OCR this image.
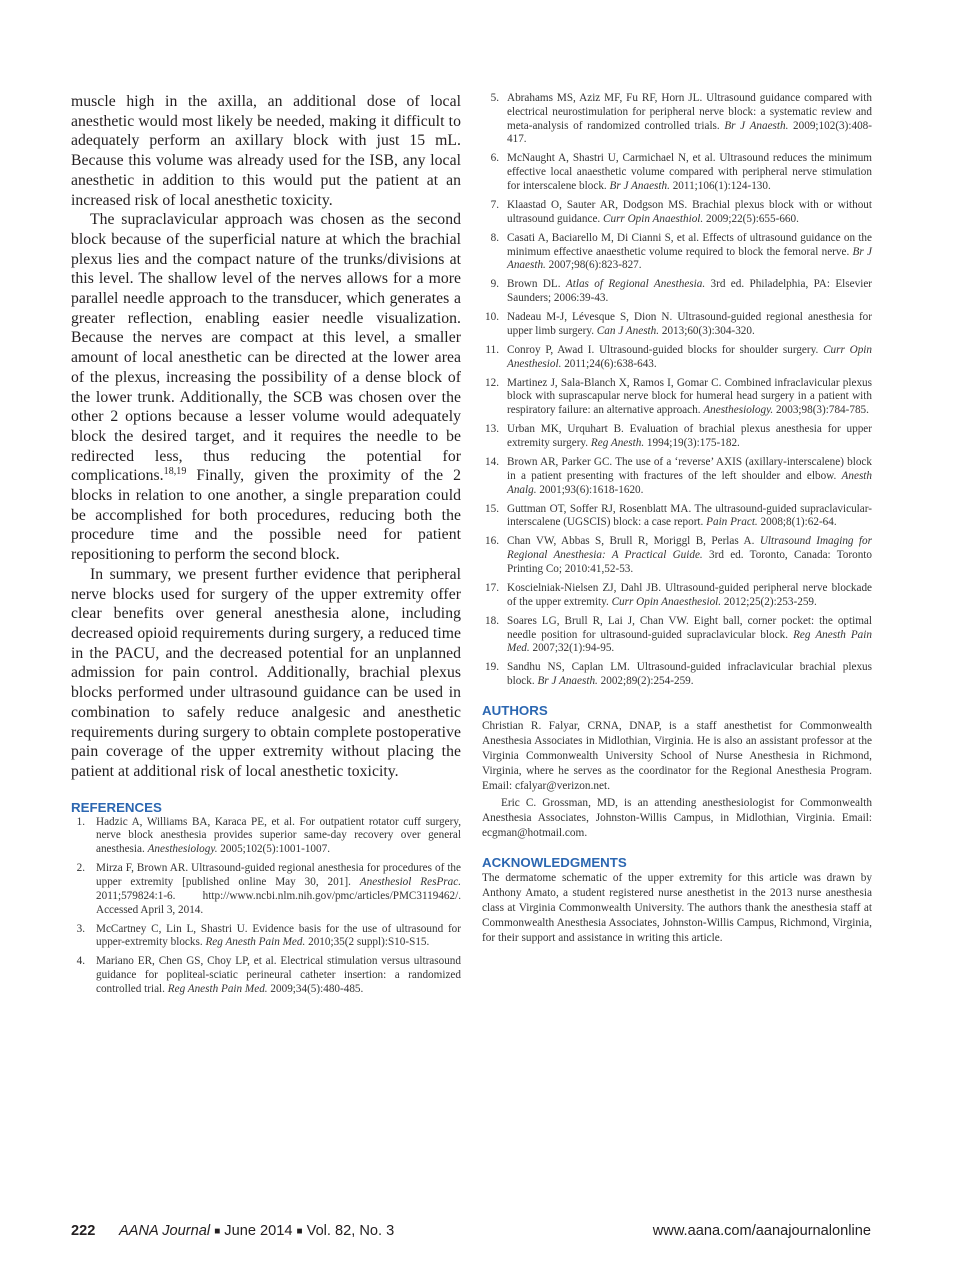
muscle high in the axilla, an additional dose of local anesthetic would most likely be needed, making it difficult to adequately perform an axillary block with just 15 mL. Because this volume was already used for the ISB, any local anesthetic in addition to this would put the patient at an increased risk of local anesthetic toxicity.

The supraclavicular approach was chosen as the second block because of the superficial nature at which the brachial plexus lies and the compact nature of the trunks/divisions at this level. The shallow level of the nerves allows for a more parallel needle approach to the transducer, which generates a greater reflection, enabling easier needle visualization. Because the nerves are compact at this level, a smaller amount of local anesthetic can be directed at the lower area of the plexus, increasing the possibility of a dense block of the lower trunk. Additionally, the SCB was chosen over the other 2 options because a lesser volume would adequately block the desired target, and it requires the needle to be redirected less, thus reducing the potential for complications.$^{18,19}$ Finally, given the proximity of the 2 blocks in relation to one another, a single preparation could be accomplished for both procedures, reducing both the procedure time and the possible need for patient repositioning to perform the second block.

In summary, we present further evidence that peripheral nerve blocks used for surgery of the upper extremity offer clear benefits over general anesthesia alone, including decreased opioid requirements during surgery, a reduced time in the PACU, and the decreased potential for an unplanned admission for pain control. Additionally, brachial plexus blocks performed under ultrasound guidance can be used in combination to safely reduce analgesic and anesthetic requirements during surgery to obtain complete postoperative pain coverage of the upper extremity without placing the patient at additional risk of local anesthetic toxicity.

REFERENCES
1. Hadzic A, Williams BA, Karaca PE, et al. For outpatient rotator cuff surgery, nerve block anesthesia provides superior same-day recovery over general anesthesia. Anesthesiology. 2005;102(5):1001-1007.
2. Mirza F, Brown AR. Ultrasound-guided regional anesthesia for procedures of the upper extremity [published online May 30, 201]. Anesthesiol ResPrac. 2011;579824:1-6. http://www.ncbi.nlm.nih.gov/pmc/articles/PMC3119462/. Accessed April 3, 2014.
3. McCartney C, Lin L, Shastri U. Evidence basis for the use of ultrasound for upper-extremity blocks. Reg Anesth Pain Med. 2010;35(2 suppl):S10-S15.
4. Mariano ER, Chen GS, Choy LP, et al. Electrical stimulation versus ultrasound guidance for popliteal-sciatic perineural catheter insertion: a randomized controlled trial. Reg Anesth Pain Med. 2009;34(5):480-485.
5. Abrahams MS, Aziz MF, Fu RF, Horn JL. Ultrasound guidance compared with electrical neurostimulation for peripheral nerve block: a systematic review and meta-analysis of randomized controlled trials. Br J Anaesth. 2009;102(3):408-417.
6. McNaught A, Shastri U, Carmichael N, et al. Ultrasound reduces the minimum effective local anaesthetic volume compared with peripheral nerve stimulation for interscalene block. Br J Anaesth. 2011;106(1):124-130.
7. Klaastad O, Sauter AR, Dodgson MS. Brachial plexus block with or without ultrasound guidance. Curr Opin Anaesthiol. 2009;22(5):655-660.
8. Casati A, Baciarello M, Di Cianni S, et al. Effects of ultrasound guidance on the minimum effective anaesthetic volume required to block the femoral nerve. Br J Anaesth. 2007;98(6):823-827.
9. Brown DL. Atlas of Regional Anesthesia. 3rd ed. Philadelphia, PA: Elsevier Saunders; 2006:39-43.
10. Nadeau M-J, Lévesque S, Dion N. Ultrasound-guided regional anesthesia for upper limb surgery. Can J Anesth. 2013;60(3):304-320.
11. Conroy P, Awad I. Ultrasound-guided blocks for shoulder surgery. Curr Opin Anesthesiol. 2011;24(6):638-643.
12. Martinez J, Sala-Blanch X, Ramos I, Gomar C. Combined infraclavicular plexus block with suprascapular nerve block for humeral head surgery in a patient with respiratory failure: an alternative approach. Anesthesiology. 2003;98(3):784-785.
13. Urban MK, Urquhart B. Evaluation of brachial plexus anesthesia for upper extremity surgery. Reg Anesth. 1994;19(3):175-182.
14. Brown AR, Parker GC. The use of a ‘reverse’ AXIS (axillary-interscalene) block in a patient presenting with fractures of the left shoulder and elbow. Anesth Analg. 2001;93(6):1618-1620.
15. Guttman OT, Soffer RJ, Rosenblatt MA. The ultrasound-guided supraclavicular-interscalene (UGSCIS) block: a case report. Pain Pract. 2008;8(1):62-64.
16. Chan VW, Abbas S, Brull R, Moriggl B, Perlas A. Ultrasound Imaging for Regional Anesthesia: A Practical Guide. 3rd ed. Toronto, Canada: Toronto Printing Co; 2010:41,52-53.
17. Koscielniak-Nielsen ZJ, Dahl JB. Ultrasound-guided peripheral nerve blockade of the upper extremity. Curr Opin Anaesthesiol. 2012;25(2):253-259.
18. Soares LG, Brull R, Lai J, Chan VW. Eight ball, corner pocket: the optimal needle position for ultrasound-guided supraclavicular block. Reg Anesth Pain Med. 2007;32(1):94-95.
19. Sandhu NS, Caplan LM. Ultrasound-guided infraclavicular brachial plexus block. Br J Anaesth. 2002;89(2):254-259.
AUTHORS

Christian R. Falyar, CRNA, DNAP, is a staff anesthetist for Commonwealth Anesthesia Associates in Midlothian, Virginia. He is also an assistant professor at the Virginia Commonwealth University School of Nurse Anesthesia in Richmond, Virginia, where he serves as the coordinator for the Regional Anesthesia Program. Email: cfalyar@verizon.net.

Eric C. Grossman, MD, is an attending anesthesiologist for Commonwealth Anesthesia Associates, Johnston-Willis Campus, in Midlothian, Virginia. Email: ecgman@hotmail.com.

ACKNOWLEDGMENTS

The dermatome schematic of the upper extremity for this article was drawn by Anthony Amato, a student registered nurse anesthetist in the 2013 nurse anesthesia class at Virginia Commonwealth University. The authors thank the anesthesia staff at Commonwealth Anesthesia Associates, Johnston-Willis Campus, Richmond, Virginia, for their support and assistance in writing this article.

222 AANA Journal ■ June 2014 ■ Vol. 82, No. 3	www.aana.com/aanajournalonline
